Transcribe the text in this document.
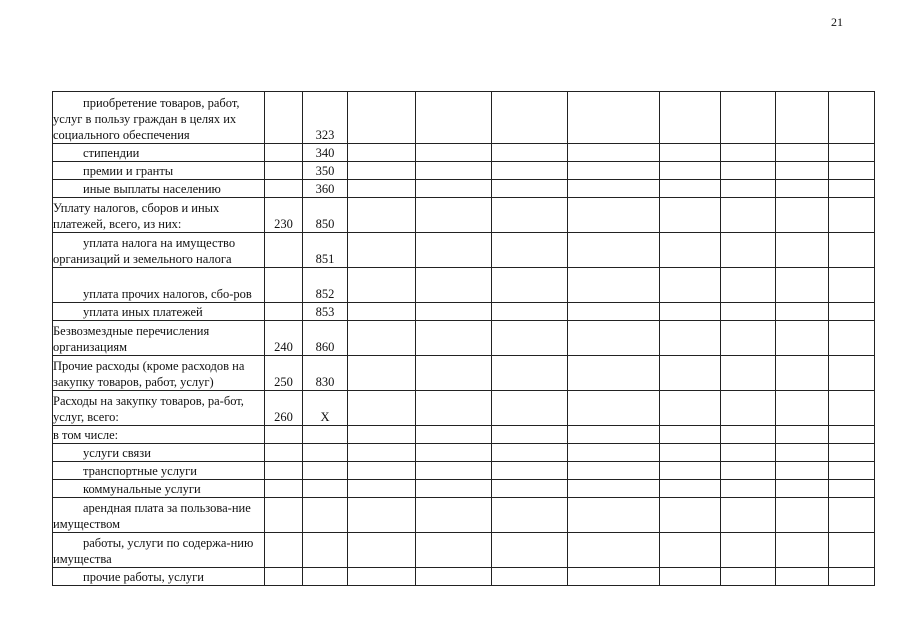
21
приобретение товаров, работ, услуг в пользу граждан в целях их социального обеспечения		323								
стипендии		340								
премии и гранты		350								
иные выплаты населению		360								
Уплату налогов, сборов и иных платежей, всего, из них:	230	850								
уплата налога на имущество организаций и земельного налога		851								
уплата прочих налогов, сбо-ров		852								
уплата иных платежей		853								
Безвозмездные перечисления организациям	240	860								
Прочие расходы (кроме расходов на закупку товаров, работ, услуг)	250	830								
Расходы на закупку товаров, ра-бот, услуг, всего:	260	X								
в том числе:										
услуги связи										
транспортные услуги										
коммунальные услуги										
арендная плата за пользова-ние имуществом										
работы, услуги по содержа-нию имущества										
прочие работы, услуги										
